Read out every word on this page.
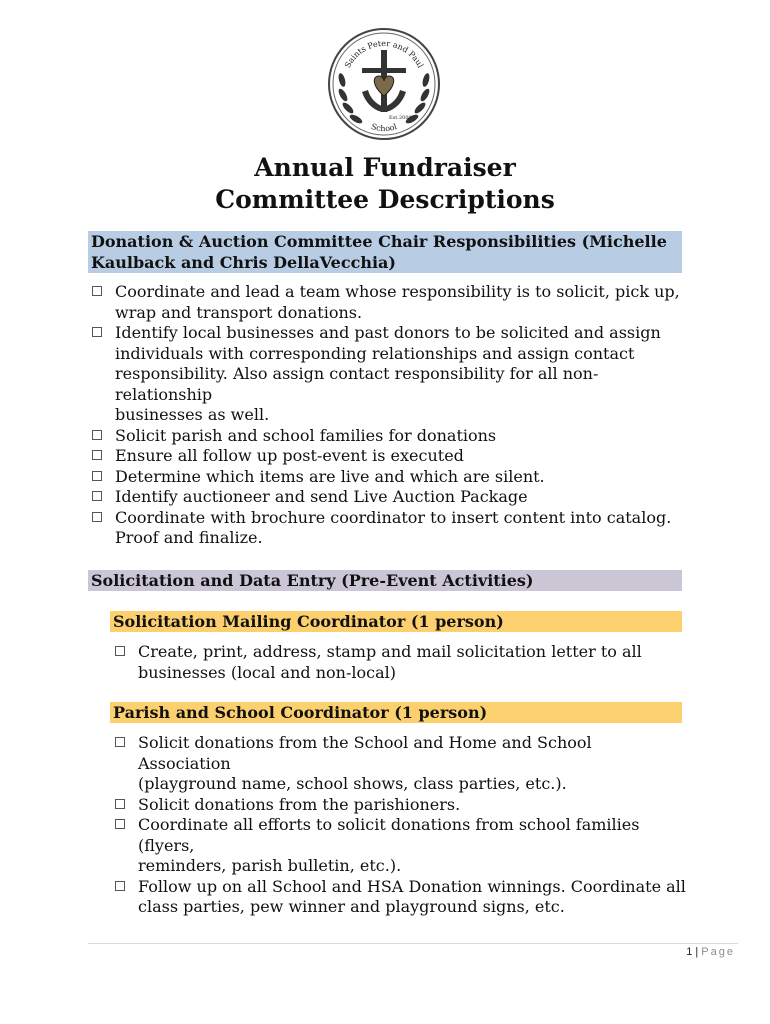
Saints Peter and Paul
School
Est. 2001
Annual Fundraiser
Committee Descriptions
Donation & Auction Committee Chair Responsibilities (Michelle
Kaulback and Chris DellaVecchia)
Coordinate and lead a team whose responsibility is to solicit, pick up,
wrap and transport donations.
Identify local businesses and past donors to be solicited and assign
individuals with corresponding relationships and assign contact
responsibility. Also assign contact responsibility for all non-relationship
businesses as well.
Solicit parish and school families for donations
Ensure all follow up post-event is executed
Determine which items are live and which are silent.
Identify auctioneer and send Live Auction Package
Coordinate with brochure coordinator to insert content into catalog.
Proof and finalize.
Solicitation and Data Entry (Pre-Event Activities)
Solicitation Mailing Coordinator (1 person)
Create, print, address, stamp and mail solicitation letter to all
businesses (local and non-local)
Parish and School Coordinator (1 person)
Solicit donations from the School and Home and School Association
(playground name, school shows, class parties, etc.).
Solicit donations from the parishioners.
Coordinate all efforts to solicit donations from school families (flyers,
reminders, parish bulletin, etc.).
Follow up on all School and HSA Donation winnings. Coordinate all
class parties, pew winner and playground signs, etc.
1 | Page
